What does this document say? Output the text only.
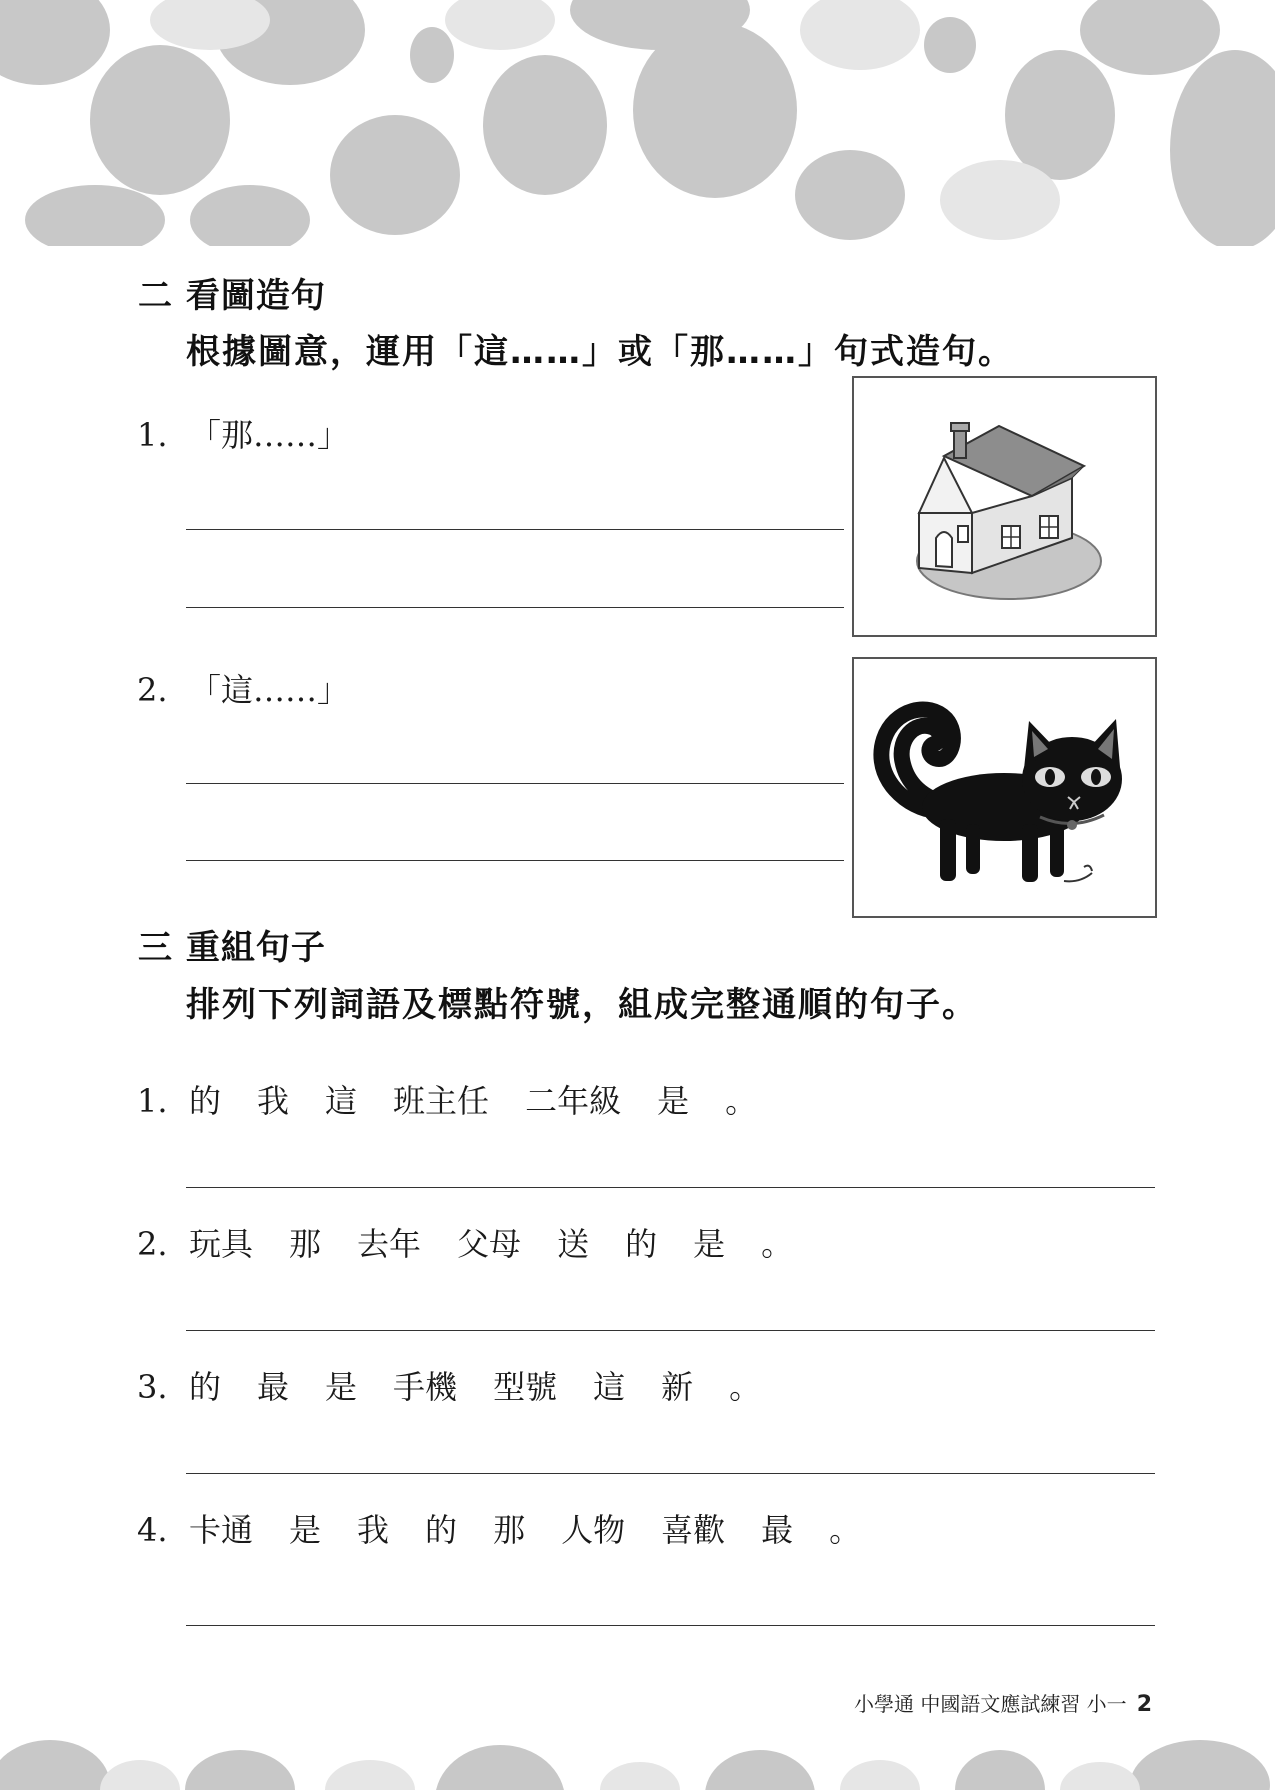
二 看圖造句
根據圖意，運用「這……」或「那……」句式造句。
1. 「那……」
2. 「這……」
三 重組句子
排列下列詞語及標點符號，組成完整通順的句子。
1. 的 我 這 班主任 二年級 是 。
2. 玩具 那 去年 父母 送 的 是 。
3. 的 最 是 手機 型號 這 新 。
4. 卡通 是 我 的 那 人物 喜歡 最 。
小學通 中國語文應試練習 小一 2
